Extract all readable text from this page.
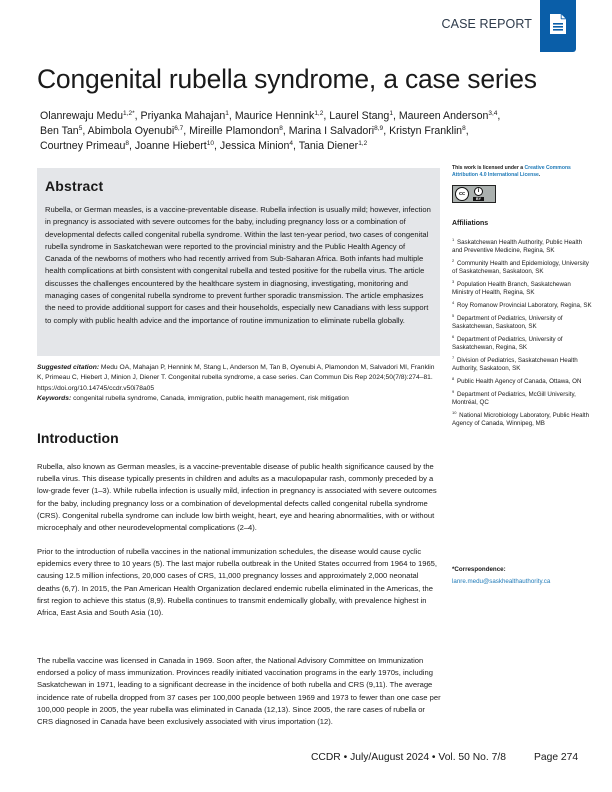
CASE REPORT
Congenital rubella syndrome, a case series
Olanrewaju Medu$^{1,2*}$, Priyanka Mahajan$^1$, Maurice Hennink$^{1,2}$, Laurel Stang$^1$, Maureen Anderson$^{3,4}$,
Ben Tan$^5$, Abimbola Oyenubi$^{6,7}$, Mireille Plamondon$^8$, Marina I Salvadori$^{8,9}$, Kristyn Franklin$^8$,
Courtney Primeau$^8$, Joanne Hiebert$^{10}$, Jessica Minion$^4$, Tania Diener$^{1,2}$
Abstract

Rubella, or German measles, is a vaccine-preventable disease. Rubella infection is usually mild; however, infection in pregnancy is associated with severe outcomes for the baby, including pregnancy loss or a combination of developmental defects called congenital rubella syndrome. Within the last ten-year period, two cases of congenital rubella syndrome in Saskatchewan were reported to the provincial ministry and the Public Health Agency of Canada of the newborns of mothers who had recently arrived from Sub-Saharan Africa. Both infants had multiple health complications at birth consistent with congenital rubella and tested positive for the rubella virus. The article discusses the challenges encountered by the healthcare system in diagnosing, investigating, monitoring and managing cases of congenital rubella syndrome to prevent further sporadic transmission. The article emphasizes the need to provide additional support for cases and their households, especially new Canadians with less support to comply with public health advice and the importance of routine immunization to eliminate rubella globally.

Suggested citation: Medu OA, Mahajan P, Hennink M, Stang L, Anderson M, Tan B, Oyenubi A, Plamondon M, Salvadori MI, Franklin K, Primeau C, Hiebert J, Minion J, Diener T. Congenital rubella syndrome, a case series. Can Commun Dis Rep 2024;50(7/8):274–81. https://doi.org/10.14745/ccdr.v50i78a05
Keywords: congenital rubella syndrome, Canada, immigration, public health management, risk mitigation
Introduction

Rubella, also known as German measles, is a vaccine-preventable disease of public health significance caused by the rubella virus. This disease typically presents in children and adults as a maculopapular rash, commonly preceded by a low-grade fever (1–3). While rubella infection is usually mild, infection in pregnancy is associated with severe outcomes for the baby, including pregnancy loss or a combination of developmental defects called congenital rubella syndrome (CRS). Congenital rubella syndrome can include low birth weight, heart, eye and hearing abnormalities, with or without microcephaly and other neurodevelopmental complications (2–4).

Prior to the introduction of rubella vaccines in the national immunization schedules, the disease would cause cyclic epidemics every three to 10 years (5). The last major rubella outbreak in the United States occurred from 1964 to 1965, causing 12.5 million infections, 20,000 cases of CRS, 11,000 pregnancy losses and approximately 2,000 neonatal deaths (6,7). In 2015, the Pan American Health Organization declared endemic rubella eliminated in the Americas, the first region to achieve this status (8,9). Rubella continues to transmit endemically globally, with prevalence highest in Africa, East Asia and South Asia (10).

The rubella vaccine was licensed in Canada in 1969. Soon after, the National Advisory Committee on Immunization endorsed a policy of mass immunization. Provinces readily initiated vaccination programs in the early 1970s, including Saskatchewan in 1971, leading to a significant decrease in the incidence of both rubella and CRS (9,11). The average incidence rate of rubella dropped from 37 cases per 100,000 people between 1969 and 1973 to fewer than one case per 100,000 people in 2005, the year rubella was eliminated in Canada (12,13). Since 2005, the rare cases of rubella or CRS diagnosed in Canada have been exclusively associated with virus importation (12).

This work is licensed under a Creative Commons Attribution 4.0 International License.
cc	i
BY
Affiliations
$^1$ Saskatchewan Health Authority, Public Health and Preventive Medicine, Regina, SK
$^2$ Community Health and Epidemiology, University of Saskatchewan, Saskatoon, SK
$^3$ Population Health Branch, Saskatchewan Ministry of Health, Regina, SK
$^4$ Roy Romanow Provincial Laboratory, Regina, SK
$^5$ Department of Pediatrics, University of Saskatchewan, Saskatoon, SK
$^6$ Department of Pediatrics, University of Saskatchewan, Regina, SK
$^7$ Division of Pediatrics, Saskatchewan Health Authority, Saskatoon, SK
$^8$ Public Health Agency of Canada, Ottawa, ON
$^9$ Department of Pediatrics, McGill University, Montréal, QC
$^{10}$ National Microbiology Laboratory, Public Health Agency of Canada, Winnipeg, MB
*Correspondence:
lanre.medu@saskhealthauthority.ca
CCDR • July/August 2024 • Vol. 50 No. 7/8	Page 274
